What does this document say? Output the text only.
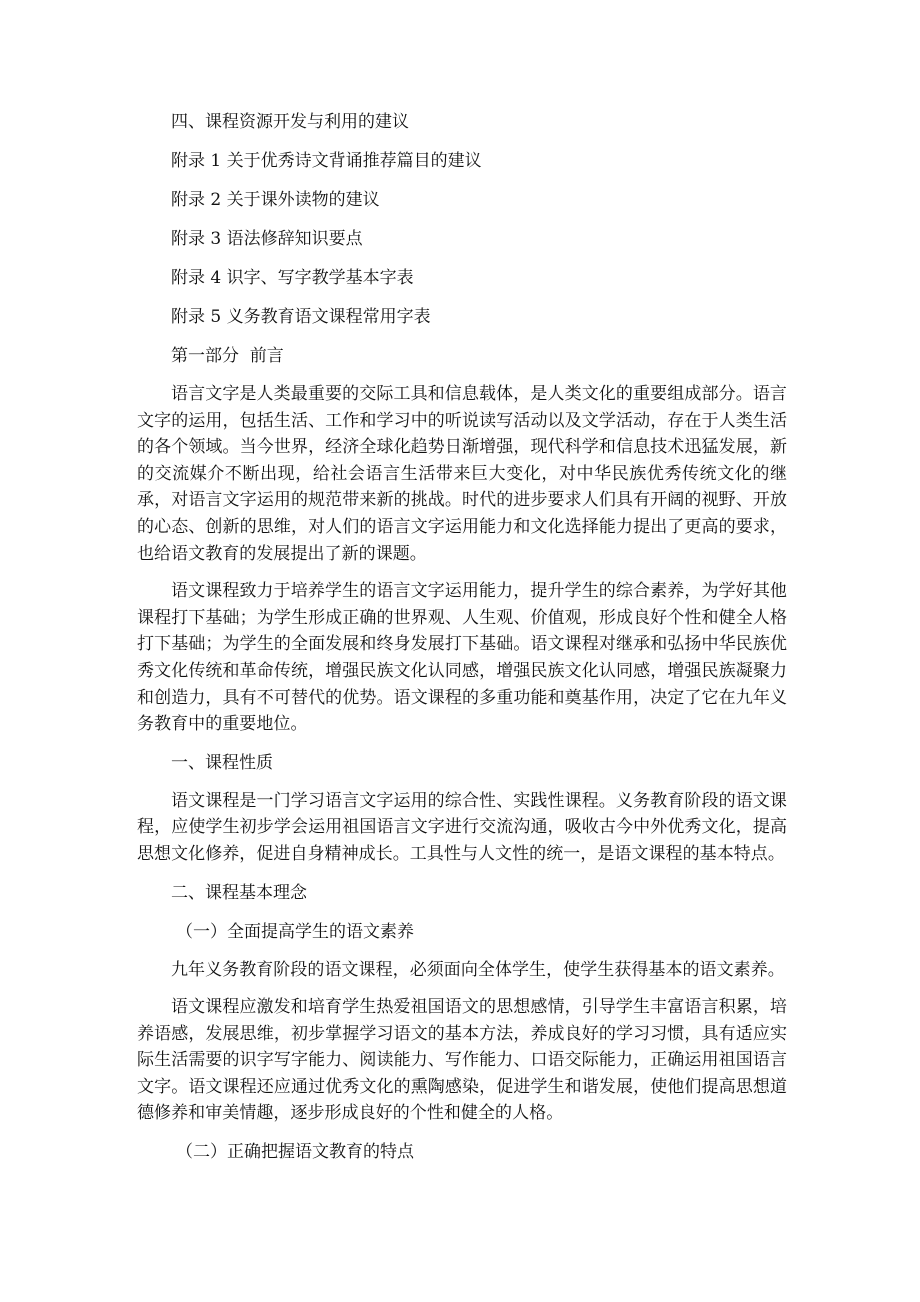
四、课程资源开发与利用的建议

附录 1 关于优秀诗文背诵推荐篇目的建议

附录 2 关于课外读物的建议

附录 3 语法修辞知识要点

附录 4 识字、写字教学基本字表

附录 5 义务教育语文课程常用字表

第一部分  前言

语言文字是人类最重要的交际工具和信息载体，是人类文化的重要组成部分。语言文字的运用，包括生活、工作和学习中的听说读写活动以及文学活动，存在于人类生活的各个领域。当今世界，经济全球化趋势日渐增强，现代科学和信息技术迅猛发展，新的交流媒介不断出现，给社会语言生活带来巨大变化，对中华民族优秀传统文化的继承，对语言文字运用的规范带来新的挑战。时代的进步要求人们具有开阔的视野、开放的心态、创新的思维，对人们的语言文字运用能力和文化选择能力提出了更高的要求，也给语文教育的发展提出了新的课题。

语文课程致力于培养学生的语言文字运用能力，提升学生的综合素养，为学好其他课程打下基础；为学生形成正确的世界观、人生观、价值观，形成良好个性和健全人格打下基础；为学生的全面发展和终身发展打下基础。语文课程对继承和弘扬中华民族优秀文化传统和革命传统，增强民族文化认同感，增强民族文化认同感，增强民族凝聚力和创造力，具有不可替代的优势。语文课程的多重功能和奠基作用，决定了它在九年义务教育中的重要地位。

一、课程性质

语文课程是一门学习语言文字运用的综合性、实践性课程。义务教育阶段的语文课程，应使学生初步学会运用祖国语言文字进行交流沟通，吸收古今中外优秀文化，提高思想文化修养，促进自身精神成长。工具性与人文性的统一，是语文课程的基本特点。

二、课程基本理念

（一）全面提高学生的语文素养

九年义务教育阶段的语文课程，必须面向全体学生，使学生获得基本的语文素养。

语文课程应激发和培育学生热爱祖国语文的思想感情，引导学生丰富语言积累，培养语感，发展思维，初步掌握学习语文的基本方法，养成良好的学习习惯，具有适应实际生活需要的识字写字能力、阅读能力、写作能力、口语交际能力，正确运用祖国语言文字。语文课程还应通过优秀文化的熏陶感染，促进学生和谐发展，使他们提高思想道德修养和审美情趣，逐步形成良好的个性和健全的人格。

（二）正确把握语文教育的特点
